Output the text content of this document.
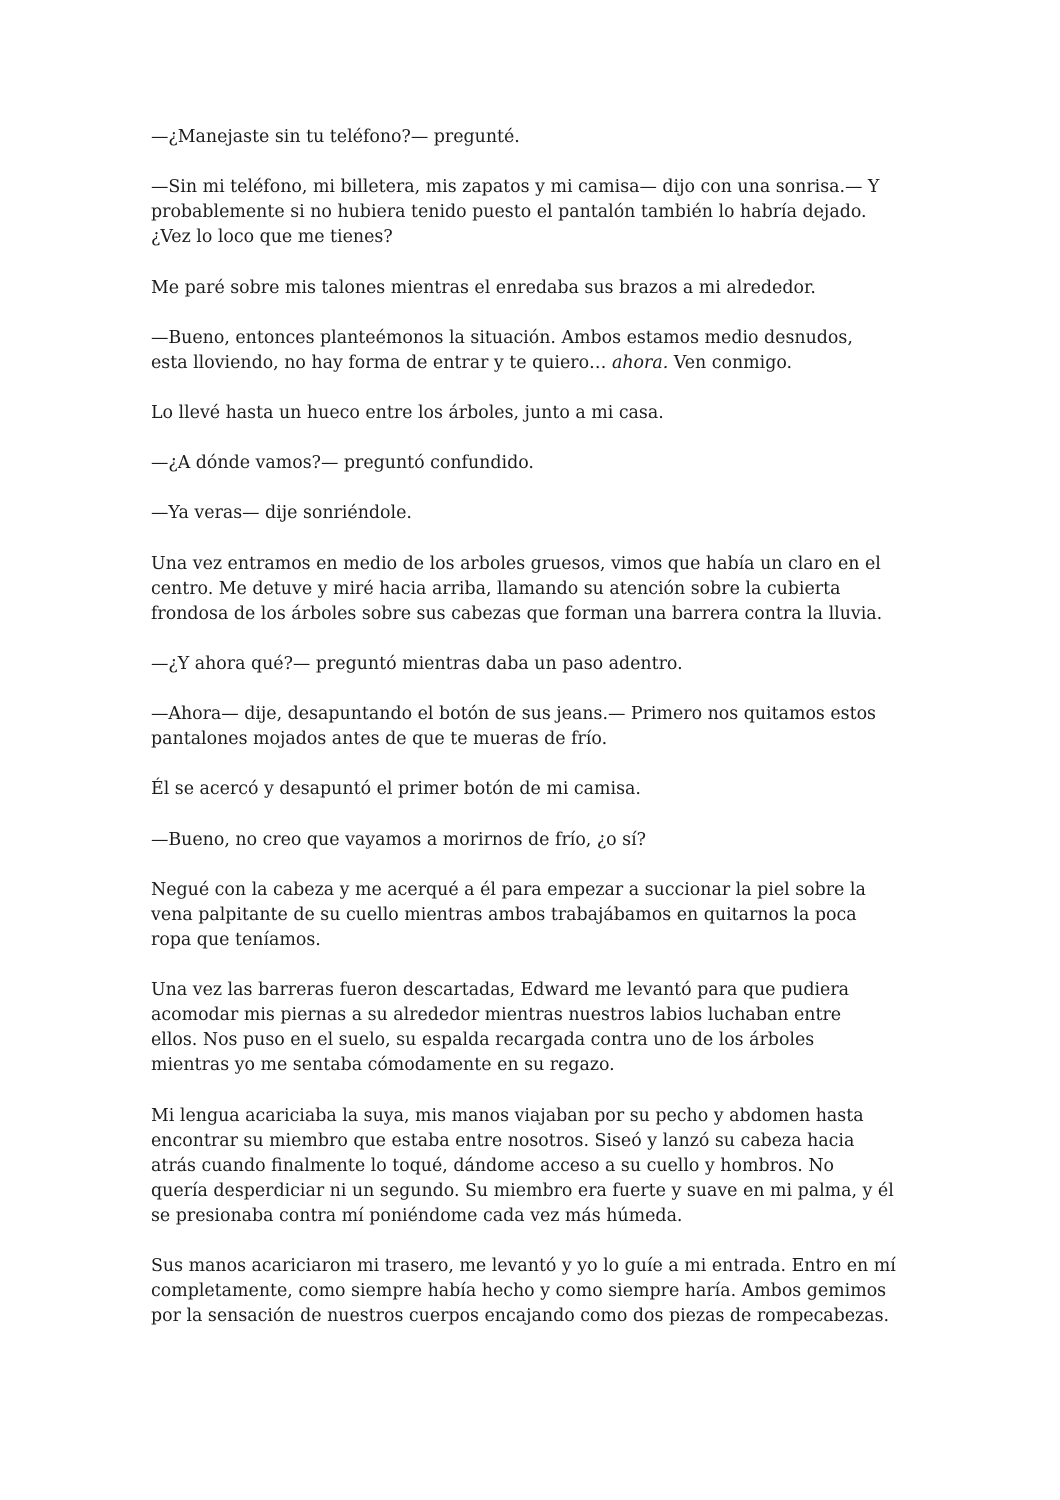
—¿Manejaste sin tu teléfono?— pregunté.

—Sin mi teléfono, mi billetera, mis zapatos y mi camisa— dijo con una sonrisa.— Y
probablemente si no hubiera tenido puesto el pantalón también lo habría dejado.
¿Vez lo loco que me tienes?

Me paré sobre mis talones mientras el enredaba sus brazos a mi alrededor.

—Bueno, entonces planteémonos la situación. Ambos estamos medio desnudos,
esta lloviendo, no hay forma de entrar y te quiero… ahora. Ven conmigo.

Lo llevé hasta un hueco entre los árboles, junto a mi casa.

—¿A dónde vamos?— preguntó confundido.

—Ya veras— dije sonriéndole.

Una vez entramos en medio de los arboles gruesos, vimos que había un claro en el
centro. Me detuve y miré hacia arriba, llamando su atención sobre la cubierta
frondosa de los árboles sobre sus cabezas que forman una barrera contra la lluvia.

—¿Y ahora qué?— preguntó mientras daba un paso adentro.

—Ahora— dije, desapuntando el botón de sus jeans.— Primero nos quitamos estos
pantalones mojados antes de que te mueras de frío.

Él se acercó y desapuntó el primer botón de mi camisa.

—Bueno, no creo que vayamos a morirnos de frío, ¿o sí?

Negué con la cabeza y me acerqué a él para empezar a succionar la piel sobre la
vena palpitante de su cuello mientras ambos trabajábamos en quitarnos la poca
ropa que teníamos.

Una vez las barreras fueron descartadas, Edward me levantó para que pudiera
acomodar mis piernas a su alrededor mientras nuestros labios luchaban entre
ellos. Nos puso en el suelo, su espalda recargada contra uno de los árboles
mientras yo me sentaba cómodamente en su regazo.

Mi lengua acariciaba la suya, mis manos viajaban por su pecho y abdomen hasta
encontrar su miembro que estaba entre nosotros. Siseó y lanzó su cabeza hacia
atrás cuando finalmente lo toqué, dándome acceso a su cuello y hombros. No
quería desperdiciar ni un segundo. Su miembro era fuerte y suave en mi palma, y él
se presionaba contra mí poniéndome cada vez más húmeda.

Sus manos acariciaron mi trasero, me levantó y yo lo guíe a mi entrada. Entro en mí
completamente, como siempre había hecho y como siempre haría. Ambos gemimos
por la sensación de nuestros cuerpos encajando como dos piezas de rompecabezas.
